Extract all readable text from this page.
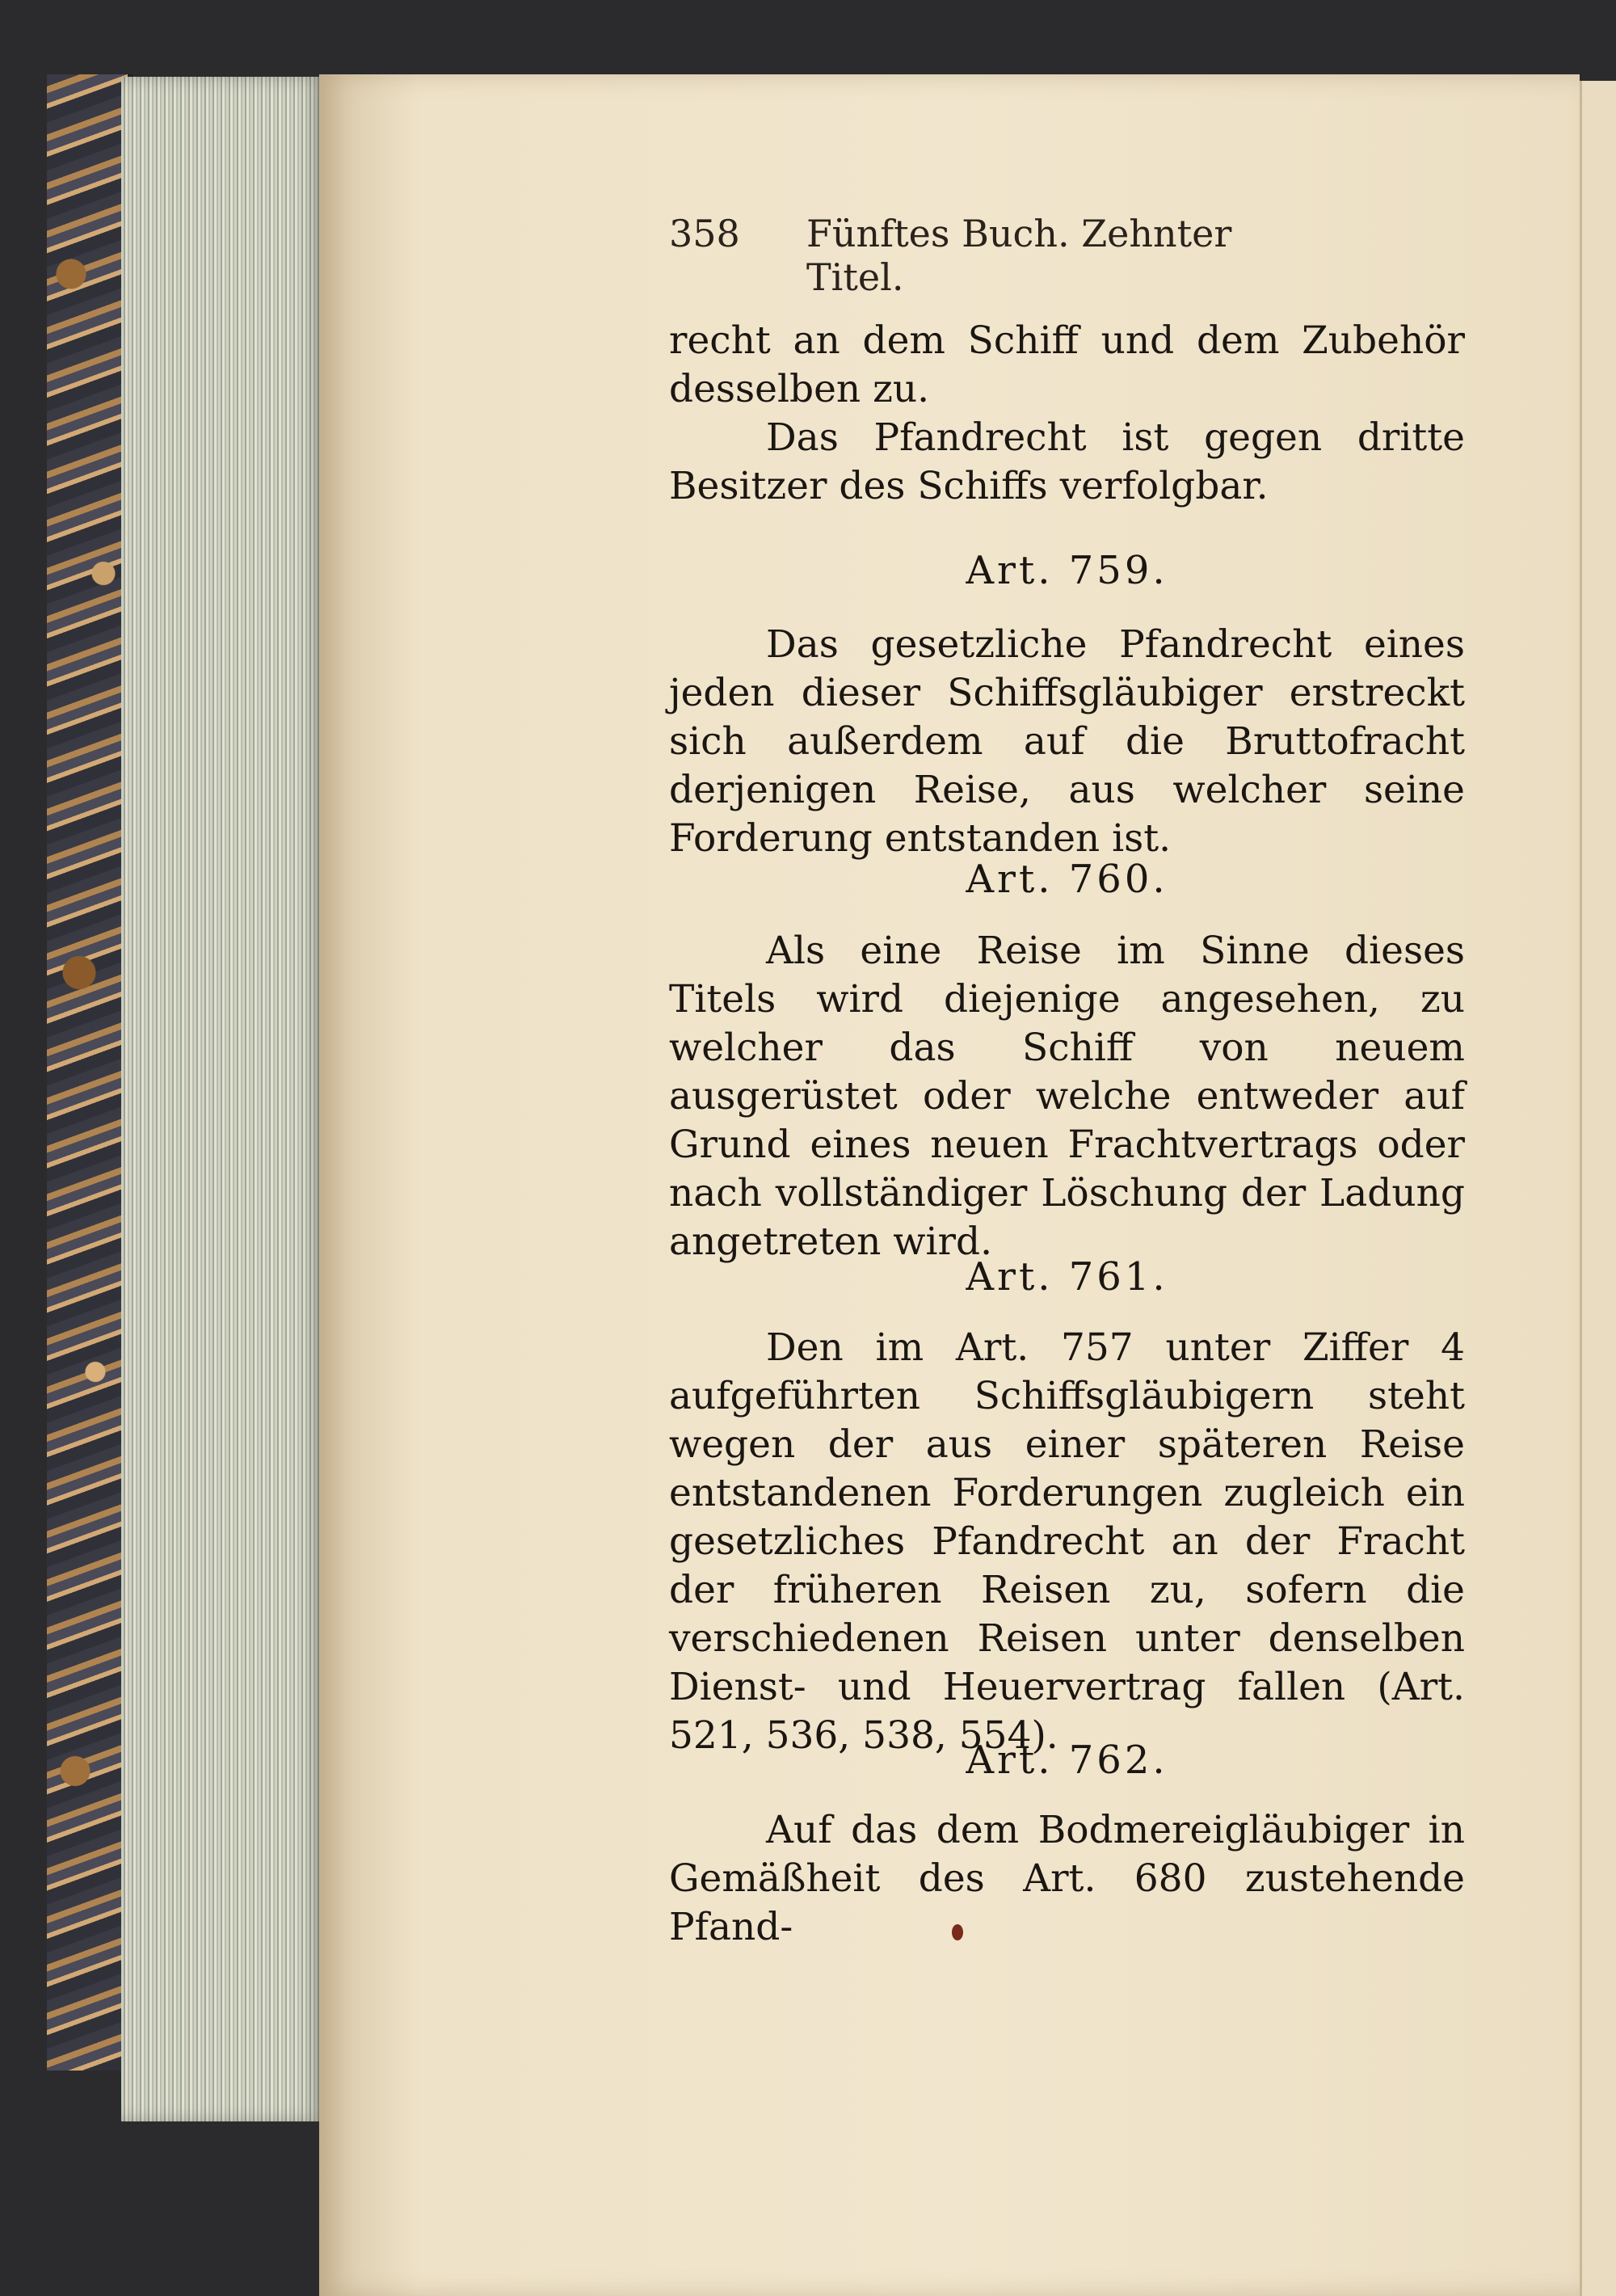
358	Fünftes Buch. Zehnter Titel.

recht an dem Schiff und dem Zubehör

desselben zu.

Das Pfandrecht ist gegen dritte Besitzer des Schiffs verfolgbar.

Art. 759.

Das gesetzliche Pfandrecht eines jeden dieser Schiffsgläubiger erstreckt sich außerdem auf die Bruttofracht derjenigen Reise, aus welcher seine Forderung entstanden ist.

Art. 760.

Als eine Reise im Sinne dieses Titels wird diejenige angesehen, zu welcher das Schiff von neuem ausgerüstet oder welche entweder auf Grund eines neuen Frachtvertrags oder nach vollständiger Löschung der Ladung angetreten wird.

Art. 761.

Den im Art. 757 unter Ziffer 4 aufgeführten Schiffsgläubigern steht wegen der aus einer späteren Reise entstandenen Forderungen zugleich ein gesetzliches Pfandrecht an der Fracht der früheren Reisen zu, sofern die verschiedenen Reisen unter denselben Dienst- und Heuervertrag fallen (Art. 521, 536, 538, 554).

Art. 762.

Auf das dem Bodmereigläubiger in Gemäßheit des Art. 680 zustehende Pfand-
